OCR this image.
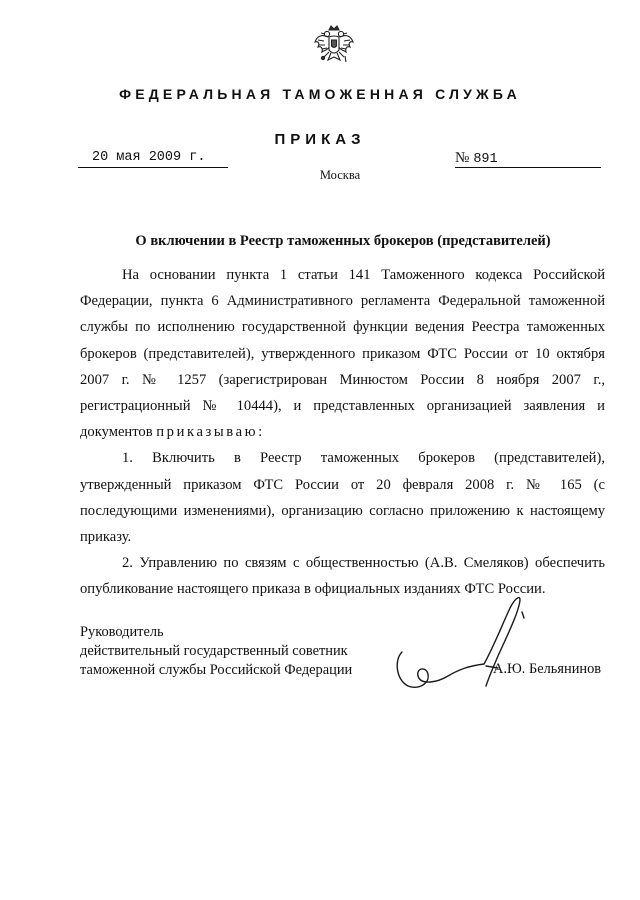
ФЕДЕРАЛЬНАЯ ТАМОЖЕННАЯ СЛУЖБА
ПРИКАЗ
20 мая 2009 г.	№ 891
Москва
О включении в Реестр таможенных брокеров (представителей)

На основании пункта 1 статьи 141 Таможенного кодекса Российской Федерации, пункта 6 Административного регламента Федеральной таможенной службы по исполнению государственной функции ведения Реестра таможенных брокеров (представителей), утвержденного приказом ФТС России от 10 октября 2007 г. № 1257 (зарегистрирован Минюстом России 8 ноября 2007 г., регистрационный № 10444), и представленных организацией заявления и документов приказываю:

1. Включить в Реестр таможенных брокеров (представителей), утвержденный приказом ФТС России от 20 февраля 2008 г. № 165 (с последующими изменениями), организацию согласно приложению к настоящему приказу.

2. Управлению по связям с общественностью (А.В. Смеляков) обеспечить опубликование настоящего приказа в официальных изданиях ФТС России.

Руководитель
действительный государственный советник
таможенной службы Российской Федерации	А.Ю. Бельянинов
